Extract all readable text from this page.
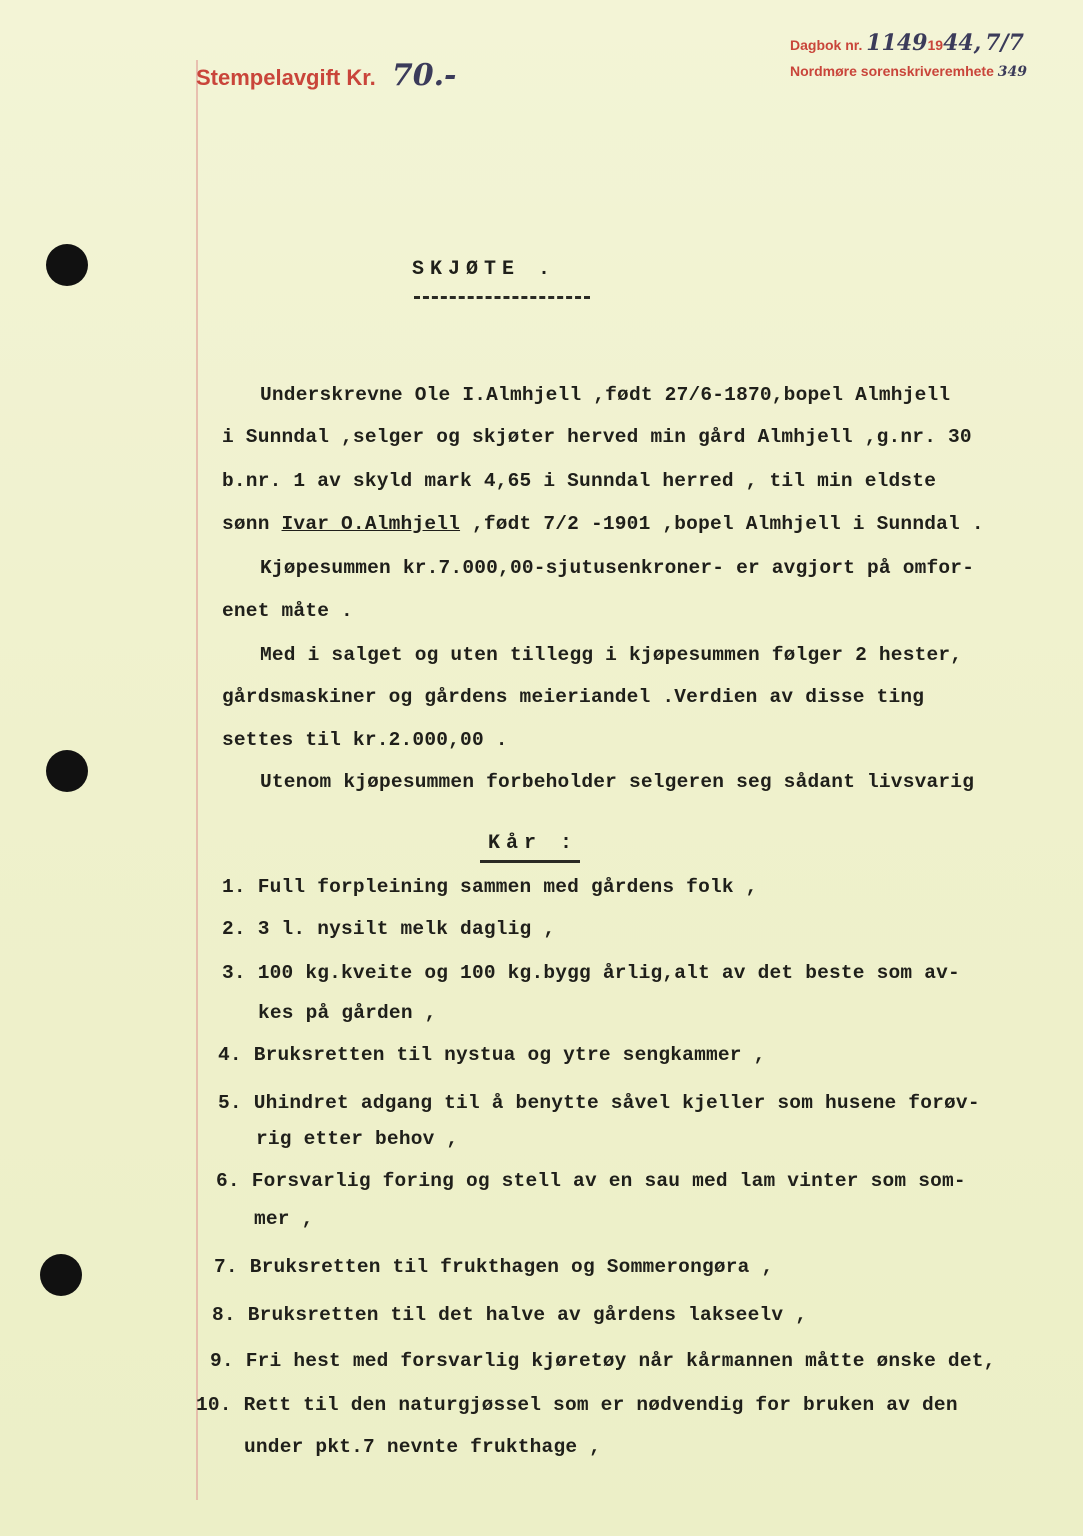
Stempelavgift Kr. 70.-
Dagbok nr. 11491944, 7/7
Nordmøre sorenskriveremhete 349
SKJØTE .
Underskrevne Ole I.Almhjell ,født 27/6-1870,bopel Almhjell
i Sunndal ,selger og skjøter herved min gård Almhjell ,g.nr. 30
b.nr. 1 av skyld mark 4,65 i Sunndal herred , til min eldste
sønn Ivar O.Almhjell ,født 7/2 -1901 ,bopel Almhjell i Sunndal .
Kjøpesummen kr.7.000,00-sjutusenkroner- er avgjort på omfor-
enet måte .
Med i salget og uten tillegg i kjøpesummen følger 2 hester,
gårdsmaskiner og gårdens meieriandel .Verdien av disse ting
settes til kr.2.000,00 .
Utenom kjøpesummen forbeholder selgeren seg sådant livsvarig
Kår :
1. Full forpleining sammen med gårdens folk ,
2. 3 l. nysilt melk daglig ,
3. 100 kg.kveite og 100 kg.bygg årlig,alt av det beste som av-
kes på gården ,
4. Bruksretten til nystua og ytre sengkammer ,
5. Uhindret adgang til å benytte såvel kjeller som husene forøv-
rig etter behov ,
6. Forsvarlig foring og stell av en sau med lam vinter som som-
mer ,
7. Bruksretten til frukthagen og Sommerongøra ,
8. Bruksretten til det halve av gårdens lakseelv ,
9. Fri hest med forsvarlig kjøretøy når kårmannen måtte ønske det,
10. Rett til den naturgjøssel som er nødvendig for bruken av den
under pkt.7 nevnte frukthage ,
